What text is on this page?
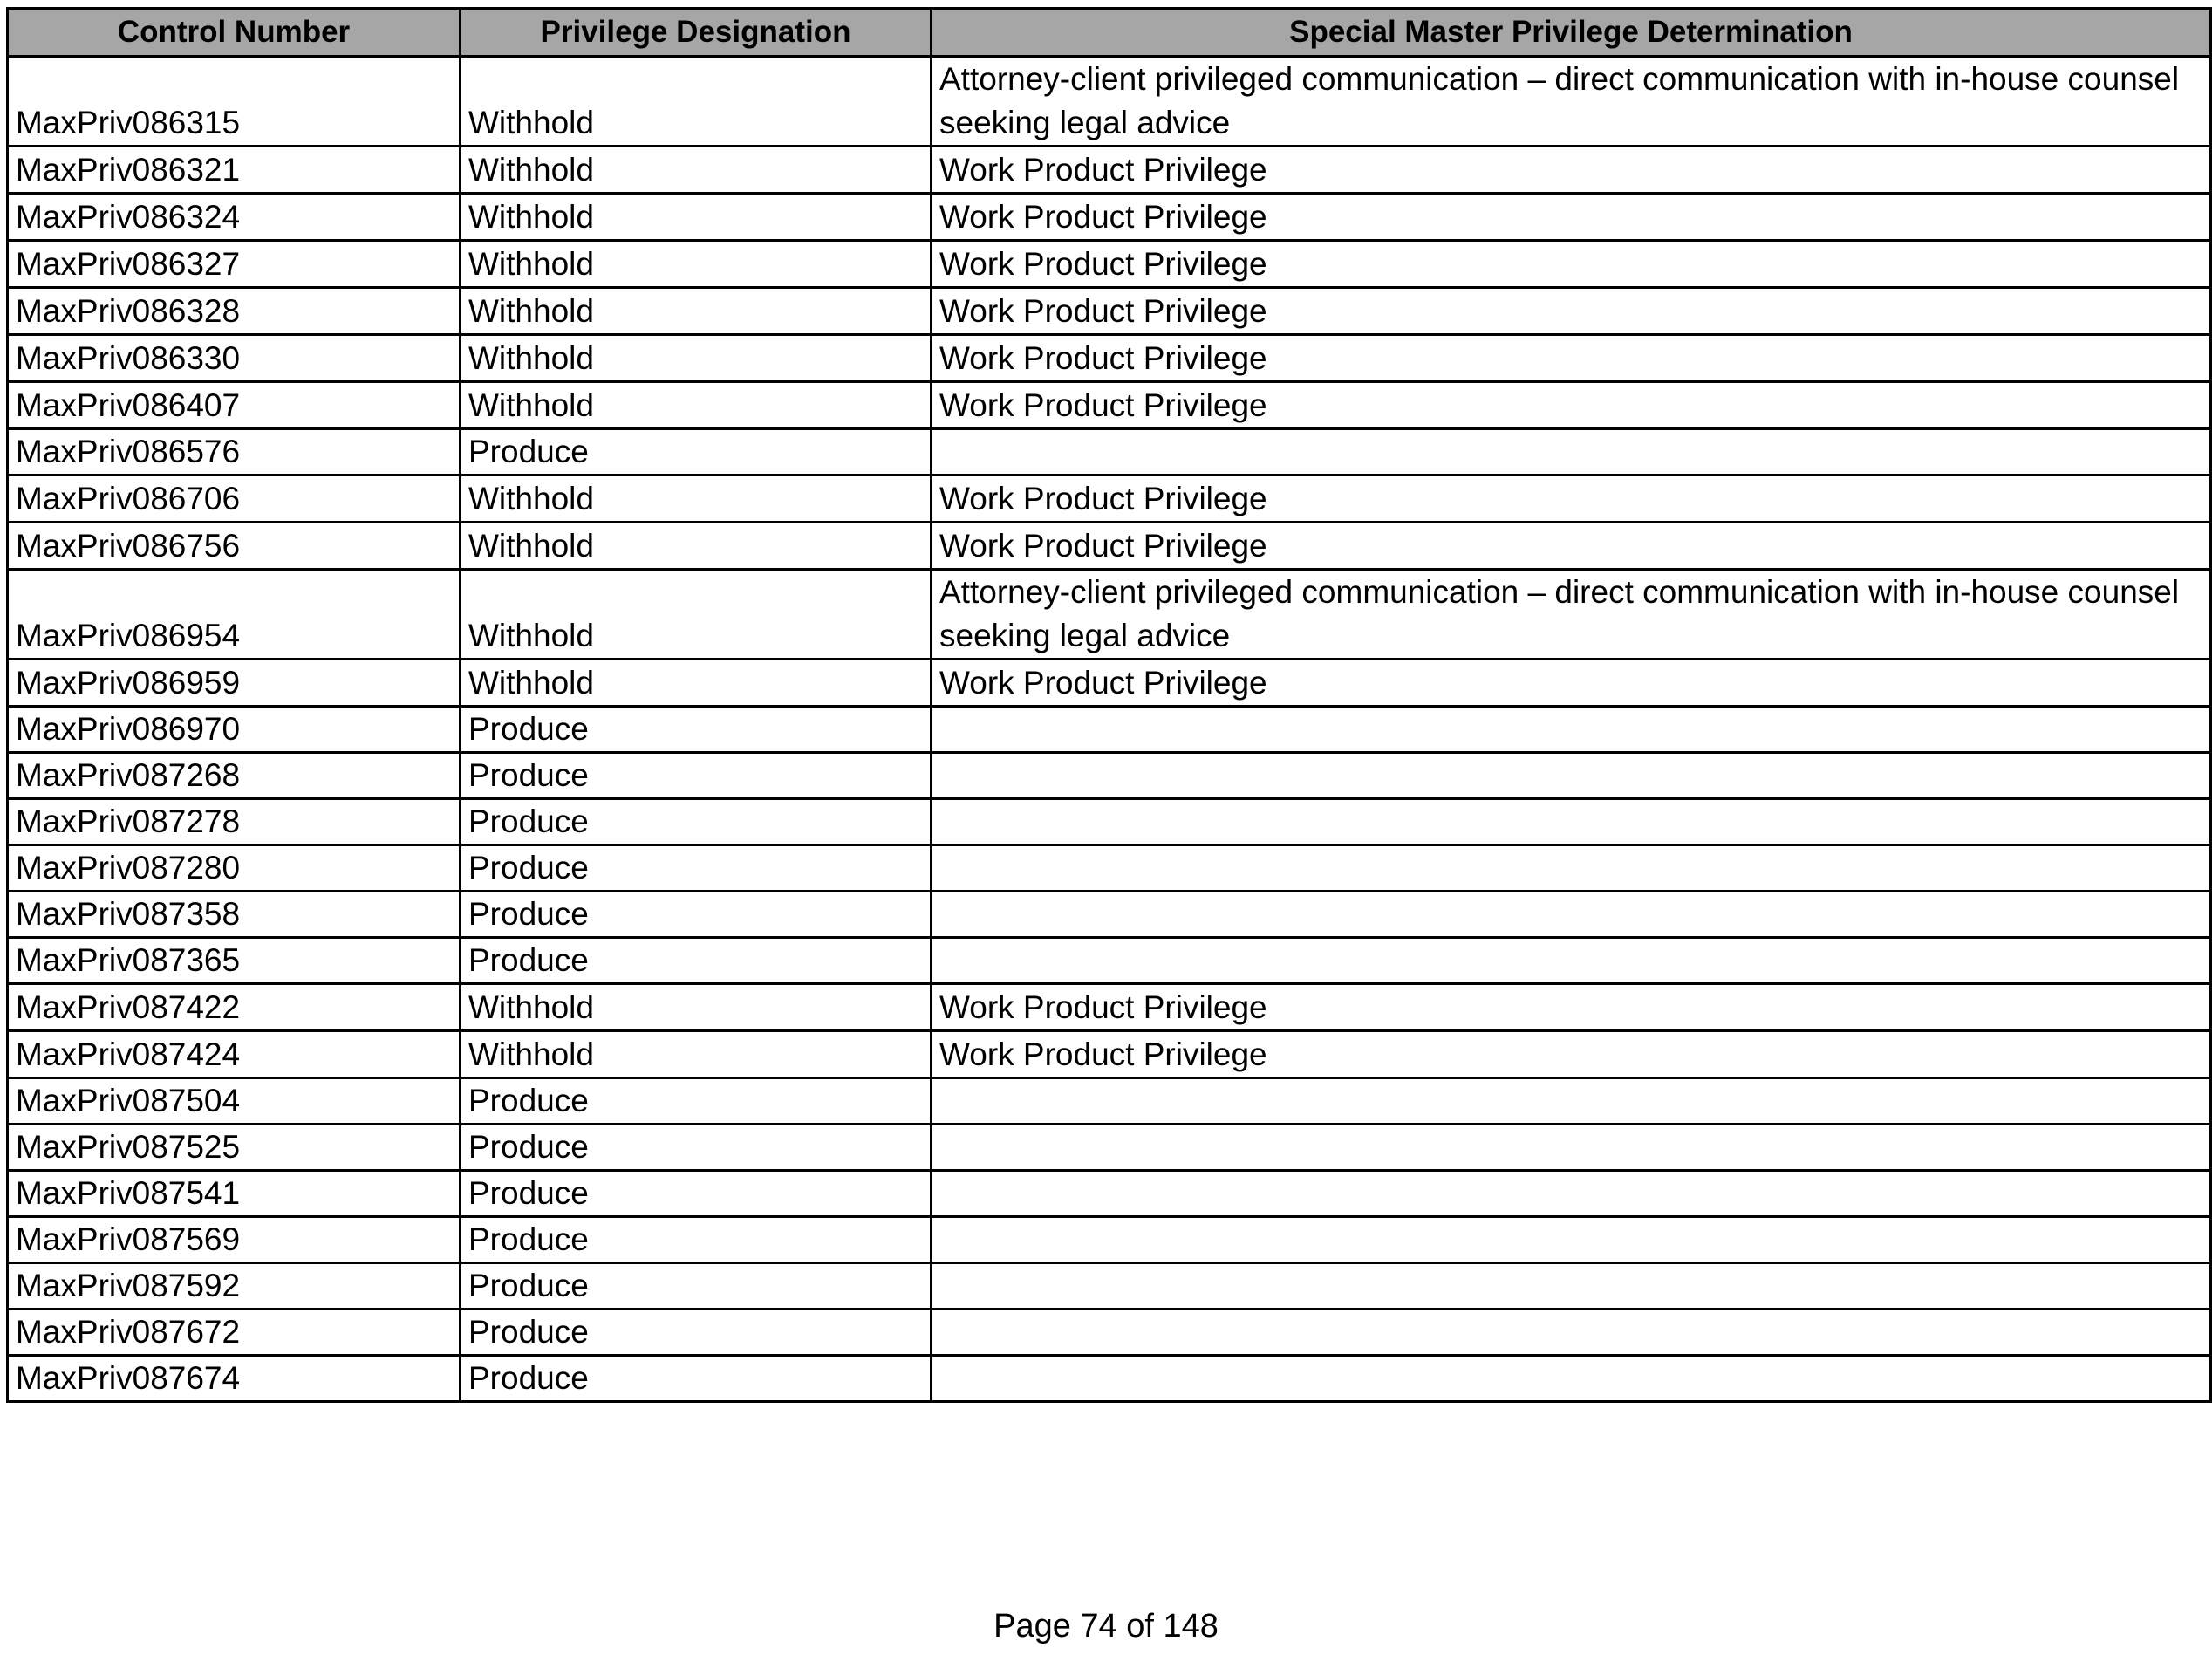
Control Number	Privilege Designation	Special Master Privilege Determination
MaxPriv086315	Withhold	Attorney-client privileged communication – direct communication with in-house counsel seeking legal advice
MaxPriv086321	Withhold	Work Product Privilege
MaxPriv086324	Withhold	Work Product Privilege
MaxPriv086327	Withhold	Work Product Privilege
MaxPriv086328	Withhold	Work Product Privilege
MaxPriv086330	Withhold	Work Product Privilege
MaxPriv086407	Withhold	Work Product Privilege
MaxPriv086576	Produce	
MaxPriv086706	Withhold	Work Product Privilege
MaxPriv086756	Withhold	Work Product Privilege
MaxPriv086954	Withhold	Attorney-client privileged communication – direct communication with in-house counsel seeking legal advice
MaxPriv086959	Withhold	Work Product Privilege
MaxPriv086970	Produce	
MaxPriv087268	Produce	
MaxPriv087278	Produce	
MaxPriv087280	Produce	
MaxPriv087358	Produce	
MaxPriv087365	Produce	
MaxPriv087422	Withhold	Work Product Privilege
MaxPriv087424	Withhold	Work Product Privilege
MaxPriv087504	Produce	
MaxPriv087525	Produce	
MaxPriv087541	Produce	
MaxPriv087569	Produce	
MaxPriv087592	Produce	
MaxPriv087672	Produce	
MaxPriv087674	Produce	
Page 74 of 148
